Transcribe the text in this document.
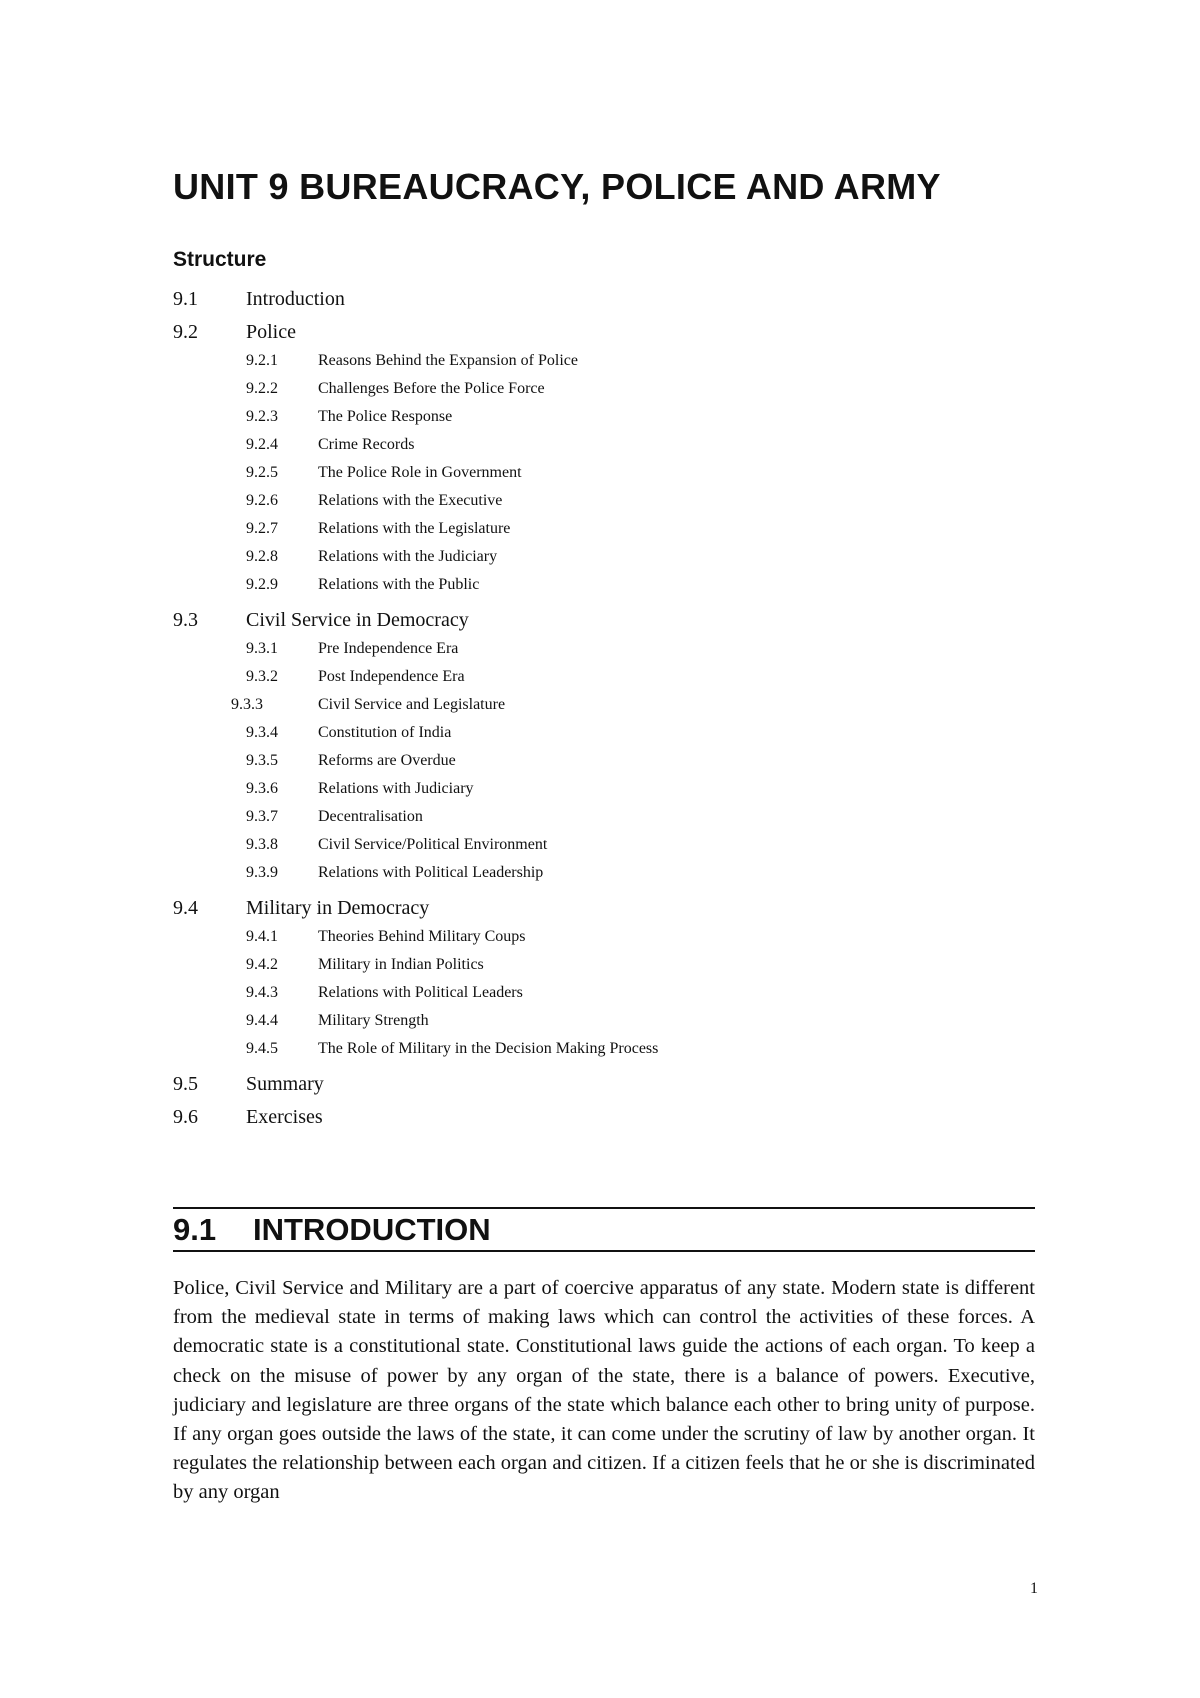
UNIT 9 BUREAUCRACY, POLICE AND ARMY
Structure
9.1 Introduction
9.2 Police
9.2.1	Reasons Behind the Expansion of Police
9.2.2	Challenges Before the Police Force
9.2.3	The Police Response
9.2.4	Crime Records
9.2.5	The Police Role in Government
9.2.6	Relations with the Executive
9.2.7	Relations with the Legislature
9.2.8	Relations with the Judiciary
9.2.9	Relations with the Public
9.3 Civil Service in Democracy
9.3.1	Pre Independence Era
9.3.2	Post Independence Era
9.3.3	Civil Service and Legislature
9.3.4	Constitution of India
9.3.5	Reforms are Overdue
9.3.6	Relations with Judiciary
9.3.7	Decentralisation
9.3.8	Civil Service/Political Environment
9.3.9	Relations with Political Leadership
9.4 Military in Democracy
9.4.1	Theories Behind Military Coups
9.4.2	Military in Indian Politics
9.4.3	Relations with Political Leaders
9.4.4	Military Strength
9.4.5	The Role of Military in the Decision Making Process
9.5 Summary
9.6 Exercises
9.1 INTRODUCTION

Police, Civil Service and Military are a part of coercive apparatus of any state. Modern state is different from the medieval state in terms of making laws which can control the activities of these forces. A democratic state is a constitutional state. Constitutional laws guide the actions of each organ. To keep a check on the misuse of power by any organ of the state, there is a balance of powers. Executive, judiciary and legislature are three organs of the state which balance each other to bring unity of purpose. If any organ goes outside the laws of the state, it can come under the scrutiny of law by another organ. It regulates the relationship between each organ and citizen. If a citizen feels that he or she is discriminated by any organ

1
